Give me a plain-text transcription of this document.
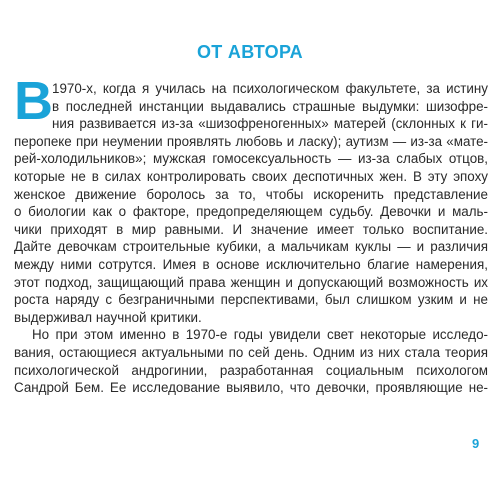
ОТ АВТОРА
В 1970-х, когда я училась на психологическом факультете, за истину
в последней инстанции выдавались страшные выдумки: шизофре-
ния развивается из-за «шизофреногенных» матерей (склонных к ги-
перопеке при неумении проявлять любовь и ласку); аутизм — из-за «мате-
рей-холодильников»; мужская гомосексуальность — из-за слабых отцов,
которые не в силах контролировать своих деспотичных жен. В эту эпоху
женское движение боролось за то, чтобы искоренить представление
о биологии как о факторе, предопределяющем судьбу. Девочки и маль-
чики приходят в мир равными. И значение имеет только воспитание.
Дайте девочкам строительные кубики, а мальчикам куклы — и различия
между ними сотрутся. Имея в основе исключительно благие намерения,
этот подход, защищающий права женщин и допускающий возможность их
роста наряду с безграничными перспективами, был слишком узким и не
выдерживал научной критики.
Но при этом именно в 1970-е годы увидели свет некоторые исследо-
вания, остающиеся актуальными по сей день. Одним из них стала теория
психологической андрогинии, разработанная социальным психологом
Сандрой Бем. Ее исследование выявило, что девочки, проявляющие не-
9
